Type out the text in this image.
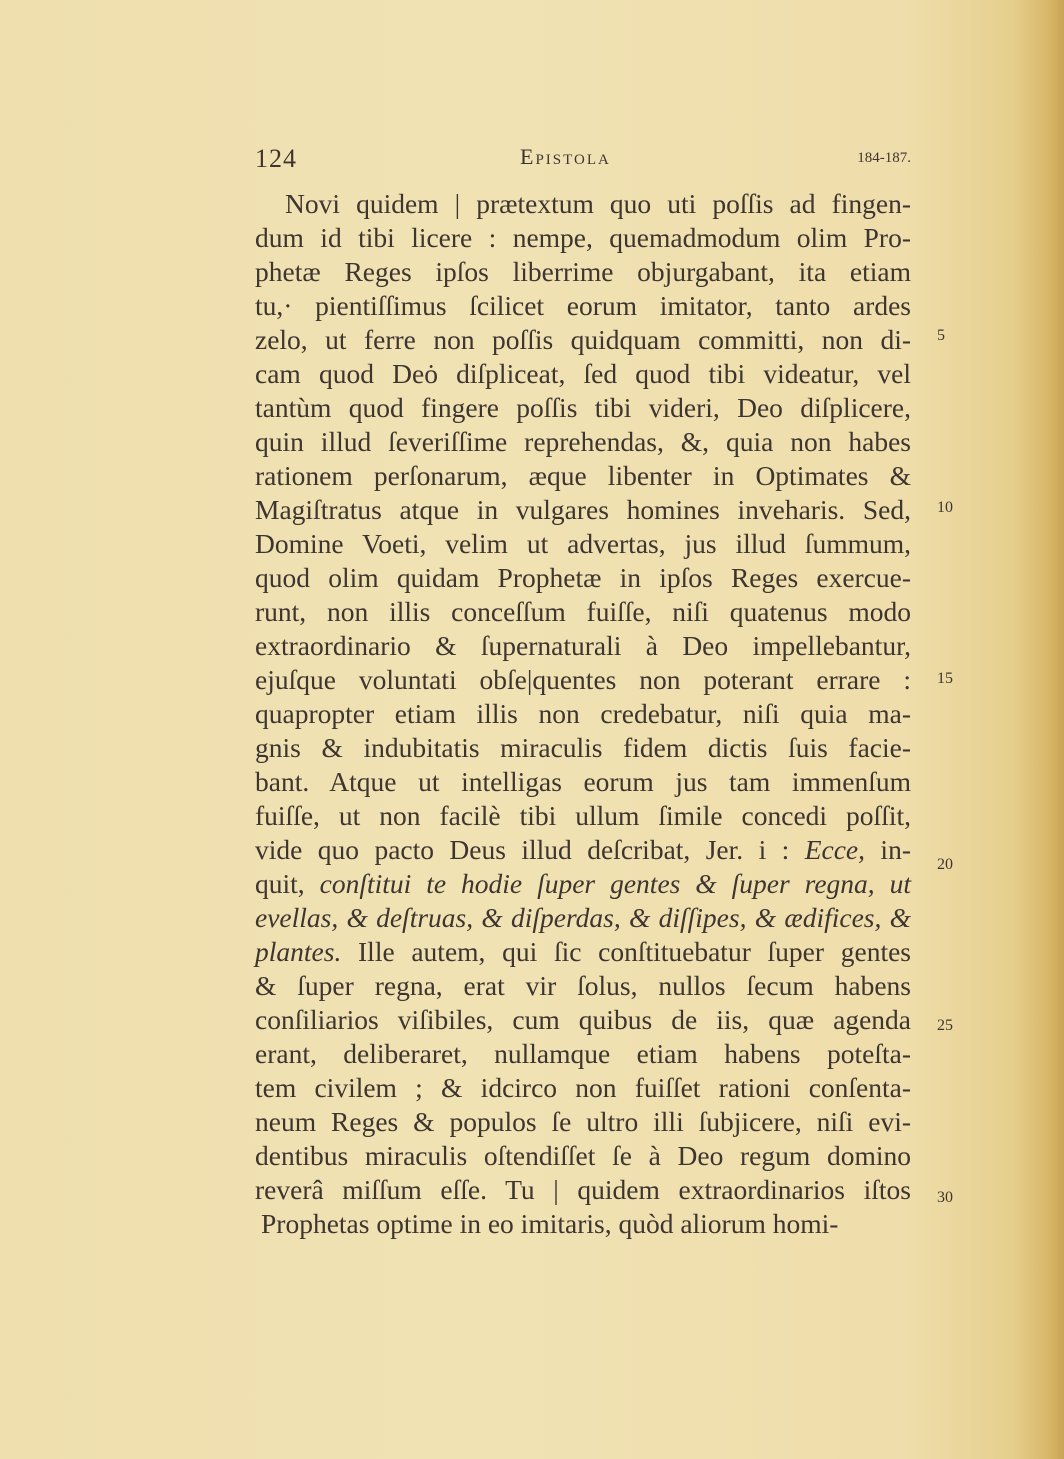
124	Epistola	184-187.
Novi quidem | prætextum quo uti poſſis ad fingen-
dum id tibi licere : nempe, quemadmodum olim Pro-
phetæ Reges ipſos liberrime objurgabant, ita etiam
tu,· pientiſſimus ſcilicet eorum imitator, tanto ardes
zelo, ut ferre non poſſis quidquam committi, non di-
cam quod Deȯ diſpliceat, ſed quod tibi videatur, vel
tantùm quod fingere poſſis tibi videri, Deo diſplicere,
quin illud ſeveriſſime reprehendas, &, quia non habes
rationem perſonarum, æque libenter in Optimates &
Magiſtratus atque in vulgares homines inveharis. Sed,
Domine Voeti, velim ut advertas, jus illud ſummum,
quod olim quidam Prophetæ in ipſos Reges exercue-
runt, non illis conceſſum fuiſſe, niſi quatenus modo
extraordinario & ſupernaturali à Deo impellebantur,
ejuſque voluntati obſe|quentes non poterant errare :
quapropter etiam illis non credebatur, niſi quia ma-
gnis & indubitatis miraculis fidem dictis ſuis facie-
bant. Atque ut intelligas eorum jus tam immenſum
fuiſſe, ut non facilè tibi ullum ſimile concedi poſſit,
vide quo pacto Deus illud deſcribat, Jer. i : Ecce, in-
quit, conſtitui te hodie ſuper gentes & ſuper regna, ut
evellas, & deſtruas, & diſperdas, & diſſipes, & ædifices, &
plantes. Ille autem, qui ſic conſtituebatur ſuper gentes
& ſuper regna, erat vir ſolus, nullos ſecum habens
conſiliarios viſibiles, cum quibus de iis, quæ agenda
erant, deliberaret, nullamque etiam habens poteſta-
tem civilem ; & idcirco non fuiſſet rationi conſenta-
neum Reges & populos ſe ultro illi ſubjicere, niſi evi-
dentibus miraculis oſtendiſſet ſe à Deo regum domino
reverâ miſſum eſſe. Tu | quidem extraordinarios iſtos
Prophetas optime in eo imitaris, quòd aliorum homi-
5
10
15
20
25
30
